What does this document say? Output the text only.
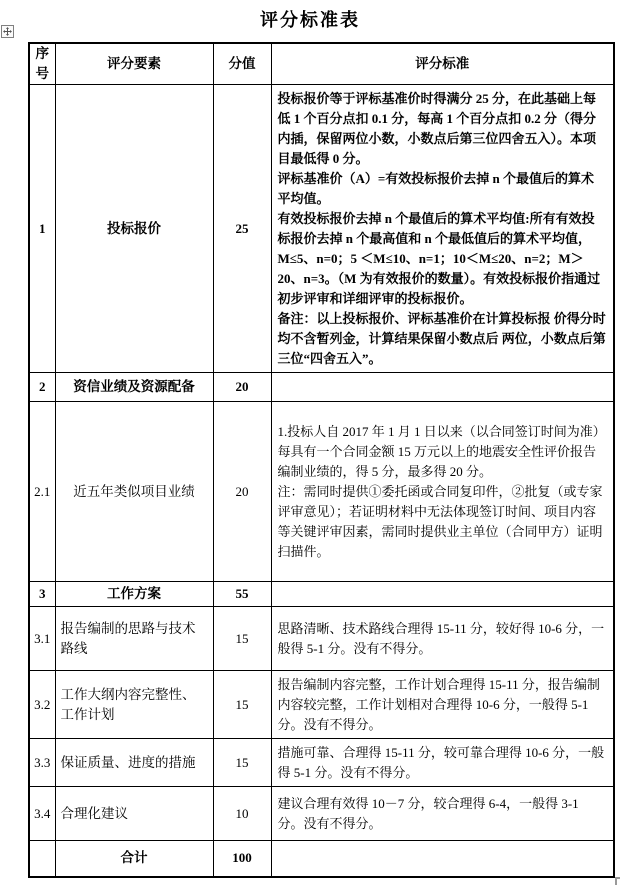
评分标准表
序号	评分要素	分值	评分标准
1	投标报价	25	投标报价等于评标基准价时得满分 25 分，在此基础上每低 1 个百分点扣 0.1 分，每高 1 个百分点扣 0.2 分（得分内插，保留两位小数，小数点后第三位四舍五入）。本项目最低得 0 分。
评标基准价（A）=有效投标报价去掉 n 个最值后的算术平均值。
有效投标报价去掉 n 个最值后的算术平均值:所有有效投标报价去掉 n 个最高值和 n 个最低值后的算术平均值，M≤5、n=0；5 ＜M≤10、n=1；10＜M≤20、n=2；M＞20、n=3。（M 为有效报价的数量）。有效投标报价指通过初步评审和详细评审的投标报价。
备注：以上投标报价、评标基准价在计算投标报 价得分时均不含暂列金，计算结果保留小数点后 两位，小数点后第三位“四舍五入”。

2	资信业绩及资源配备	20	
2.1	近五年类似项目业绩	20	1.投标人自 2017 年 1 月 1 日以来（以合同签订时间为准）每具有一个合同金额 15 万元以上的地震安全性评价报告编制业绩的，得 5 分，最多得 20 分。
注：需同时提供①委托函或合同复印件，②批复（或专家评审意见）；若证明材料中无法体现签订时间、项目内容等关键评审因素，需同时提供业主单位（合同甲方）证明扫描件。

3	工作方案	55	
3.1	报告编制的思路与技术路线	15	思路清晰、技术路线合理得 15-11 分，较好得 10-6 分，一般得 5-1 分。没有不得分。

3.2	工作大纲内容完整性、工作计划	15	报告编制内容完整，工作计划合理得 15-11 分，报告编制内容较完整，工作计划相对合理得 10-6 分，一般得 5-1 分。没有不得分。

3.3	保证质量、进度的措施	15	措施可靠、合理得 15-11 分，较可靠合理得 10-6 分，一般得 5-1 分。没有不得分。

3.4	合理化建议	10	建议合理有效得 10－7 分，较合理得 6-4，一般得 3-1 分。没有不得分。

	合计	100	
